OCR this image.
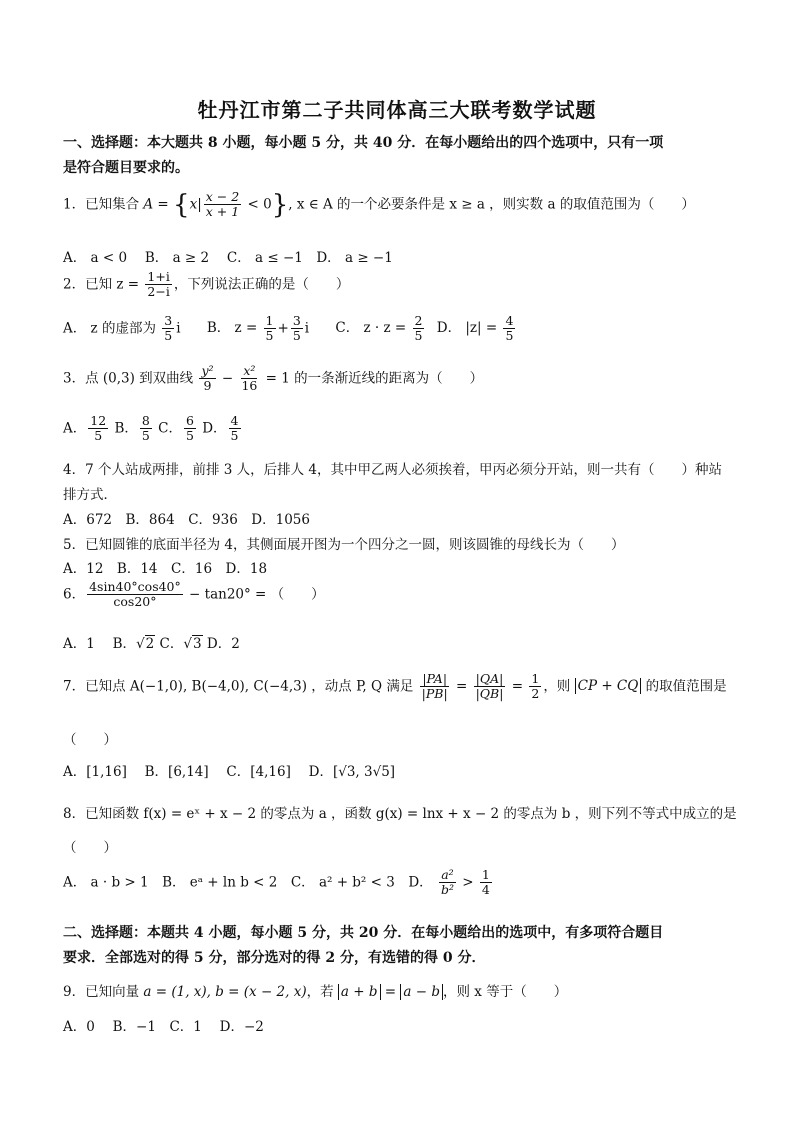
牡丹江市第二子共同体高三大联考数学试题
一、选择题：本大题共 8 小题，每小题 5 分，共 40 分．在每小题给出的四个选项中，只有一项
是符合题目要求的。
1．已知集合 $A = \{x| \frac{x - 2}{x + 1} < 0\}$, x ∈ A 的一个必要条件是 x ≥ a ，则实数 a 的取值范围为（　　）
A． a < 0　 B． a ≥ 2　 C． a ≤ −1　D． a ≥ −1
2．已知 $z = \frac{1+i}{2-i}$ ，下列说法正确的是（　　）
A． z 的虚部为 $\frac{3}{5}$ i B． $z = \frac{1}{5} + \frac{3}{5}$ i C． $z \cdot z = \frac{2}{5}$ D． $|z| = \frac{4}{5}$
3．点 (0,3) 到双曲线 $\frac{\text{y²}}{9} - \frac{\text{x²}}{16} = 1$ 的一条渐近线的距离为（　　）
A． $\frac{12}{5}$ B． $\frac{8}{5}$ C． $\frac{6}{5}$ D． $\frac{4}{5}$
4．7 个人站成两排，前排 3 人，后排人 4，其中甲乙两人必须挨着，甲丙必须分开站，则一共有（　　）种站
排方式．
A．672　B．864　C．936　D．1056
5．已知圆锥的底面半径为 4，其侧面展开图为一个四分之一圆，则该圆锥的母线长为（　　）
A．12　B．14　C．16　D．18
6． $\frac{4\sin 40^\circ\cos 40^\circ}{\cos 20^\circ} - \tan 20^\circ$ = （　　）
A．1　 B．√2 C．√3 D．2
7．已知点 A(−1,0), B(−4,0), C(−4,3) ，动点 P, Q 满足 $\frac{|PA|}{|PB|} = \frac{|QA|}{|QB|} = \frac{1}{2}$ ，则 CP + CQ 的取值范围是
（　　）
A．[1,16]　 B．[6,14]　 C．[4,16]　 D．[√3, 3√5]
8．已知函数 f(x) = eˣ + x − 2 的零点为 a ，函数 g(x) = lnx + x − 2 的零点为 b ，则下列不等式中成立的是
（　　）
A． a · b > 1　B． eᵃ + ln b < 2　C． a² + b² < 3　D． $\frac{\text{a²}}{\text{b²}} > \frac{1}{4}$
二、选择题：本题共 4 小题，每小题 5 分，共 20 分．在每小题给出的选项中，有多项符合题目
要求．全部选对的得 5 分，部分选对的得 2 分，有选错的得 0 分．
9．已知向量 a = (1, x), b = (x − 2, x)，若 a + b = a − b ，则 x 等于（　　）
A．0　 B．−1　C．1　 D．−2
